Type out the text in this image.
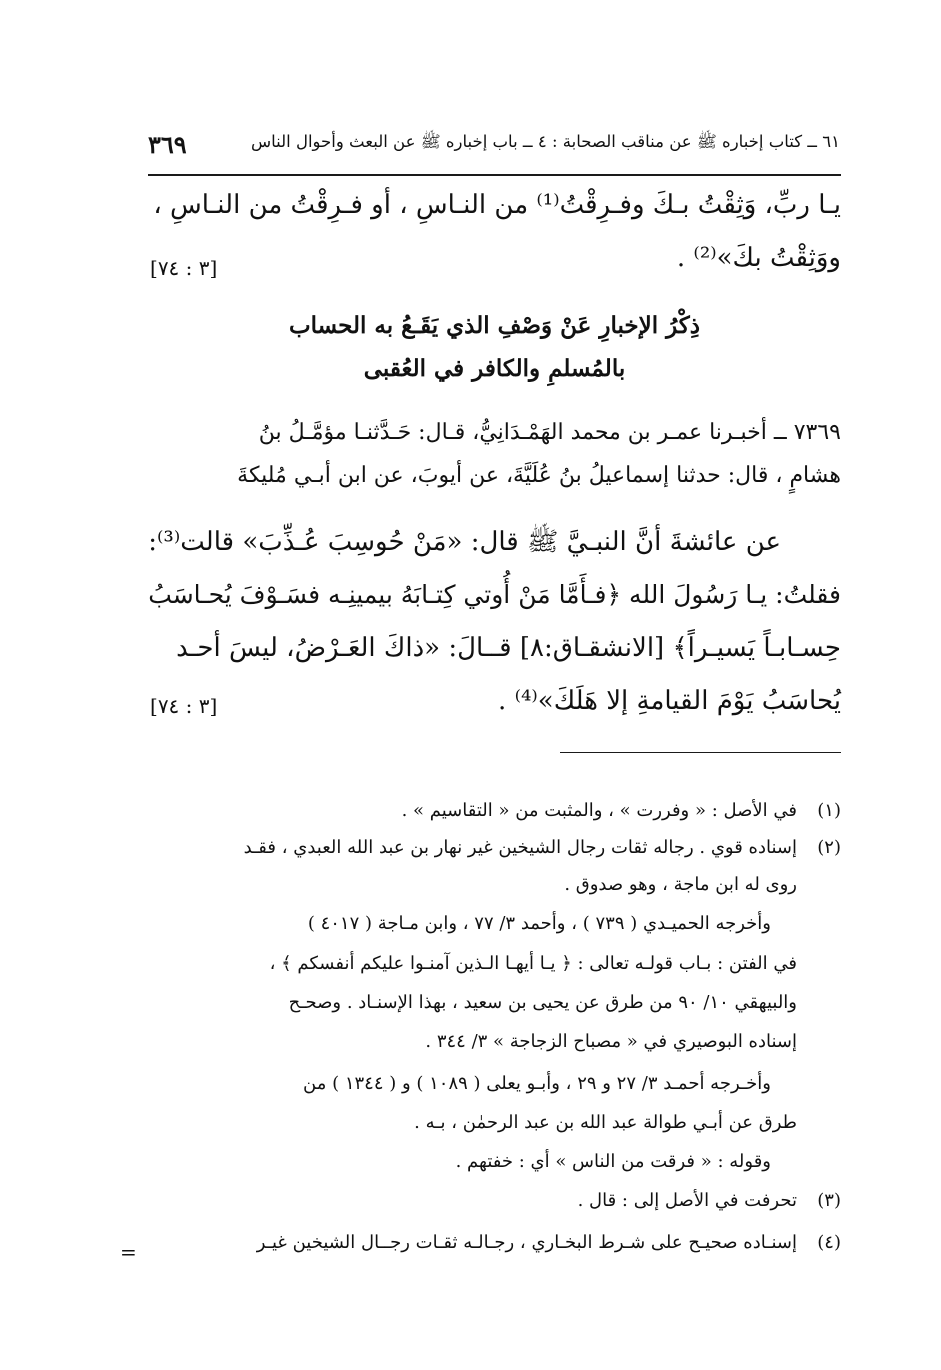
٦١ ــ كتاب إخباره ﷺ عن مناقب الصحابة : ٤ ــ باب إخباره ﷺ عن البعث وأحوال الناس
٣٦٩
يـا ربِّ، وَثِقْتُ بـكَ وفـرِقْتُ⁽¹⁾ من النـاسِ ، أو فـرِقْتُ من النـاسِ ،
ووَثِقْتُ بكَ»⁽²⁾ .
[٣ : ٧٤]
ذِكْرُ الإخبارِ عَنْ وَصْفِ الذي يَقَـعُ به الحساب
بالمُسلمِ والكافر في العُقبى
٧٣٦٩ ــ أخبـرنا عمـر بن محمد الهَمْـدَانِيُّ، قـال: حَـدَّثنـا مؤمَّـلُ بنُ
هشامٍ ، قال: حدثنا إسماعيلُ بنُ عُلَيَّةَ، عن أيوبَ، عن ابن أبـي مُليكةَ
عن عائشةَ أنَّ النبـيَّ ﷺ قال: «مَنْ حُوسِبَ عُـذِّبَ» قالت⁽³⁾:
فقلتُ: يـا رَسُولَ الله ﴿فـأَمَّا مَنْ أُوتي كِتـابَهُ بيمينِـه فسَـوْفَ يُحـاسَبُ
حِسـابـاً يَسيـراً﴾ [الانشقـاق:٨] قــالَ: «ذاكَ العَـرْضُ، ليسَ أحـد
يُحاسَبُ يَوْمَ القيامةِ إلا هَلَكَ»⁽⁴⁾ .
[٣ : ٧٤]
(١)في الأصل : « وفررت » ، والمثبت من « التقاسيم » .
(٢)إسناده قوي . رجاله ثقات رجال الشيخين غير نهار بن عبد الله العبدي ، فقـد
روى له ابن ماجة ، وهو صدوق .
وأخرجه الحميـدي ( ٧٣٩ ) ، وأحمد ٣/ ٧٧ ، وابن مـاجة ( ٤٠١٧ )
في الفتن : بـاب قولـه تعالى : ﴿ يـا أيهـا الـذين آمنـوا عليكم أنفسكم ﴾ ،
والبيهقي ١٠/ ٩٠ من طرق عن يحيى بن سعيد ، بهذا الإسنـاد . وصحـح
إسناده البوصيري في « مصباح الزجاجة » ٣/ ٣٤٤ .
وأخـرجه أحمـد ٣/ ٢٧ و ٢٩ ، وأبـو يعلى ( ١٠٨٩ ) و ( ١٣٤٤ ) من
طرق عن أبـي طوالة عبد الله بن عبد الرحمٰن ، بـه .
وقوله : « فرقت من الناس » أي : خفتهم .
(٣)تحرفت في الأصل إلى : قال .
(٤)إسنـاده صحيـح على شـرط البخـاري ، رجـالـه ثقـات رجــال الشيخين غيـر
=
